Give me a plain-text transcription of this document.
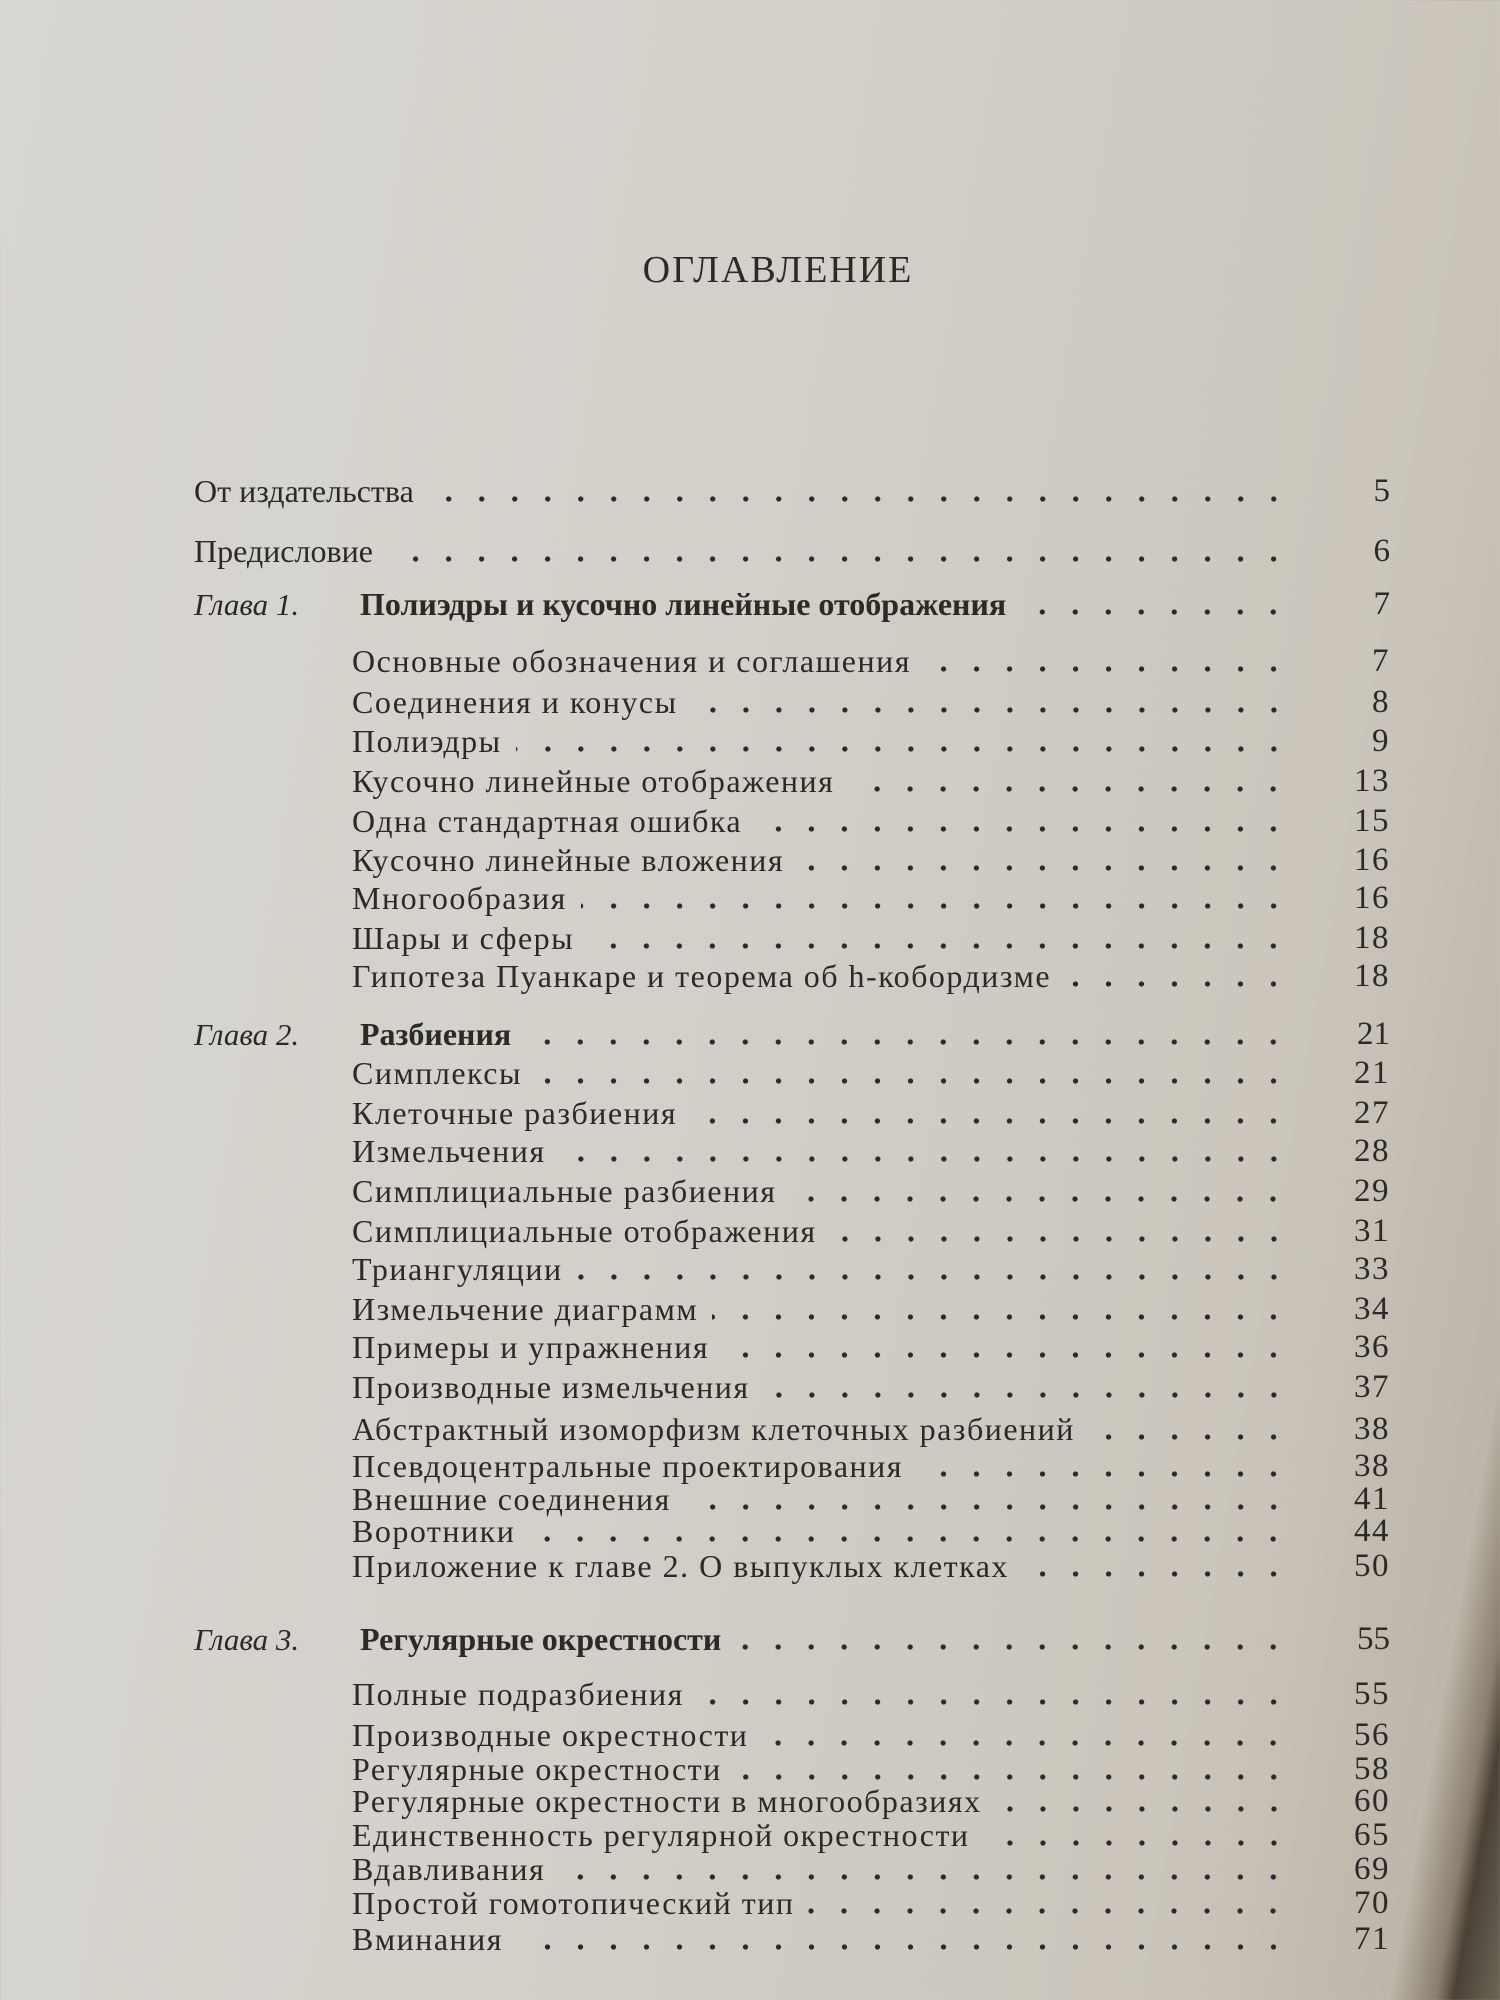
ОГЛАВЛЕНИЕ
От издательства	5
Предисловие	6
Глава 1.	Полиэдры и кусочно линейные отображения	7
Основные обозначения и соглашения	7
Соединения и конусы	8
Полиэдры	9
Кусочно линейные отображения	13
Одна стандартная ошибка	15
Кусочно линейные вложения	16
Многообразия	16
Шары и сферы	18
Гипотеза Пуанкаре и теорема об h-кобордизме	18
Глава 2.	Разбиения	21
Симплексы	21
Клеточные разбиения	27
Измельчения	28
Симплициальные разбиения	29
Симплициальные отображения	31
Триангуляции	33
Измельчение диаграмм	34
Примеры и упражнения	36
Производные измельчения	37
Абстрактный изоморфизм клеточных разбиений	38
Псевдоцентральные проектирования	38
Внешние соединения	41
Воротники	44
Приложение к главе 2. О выпуклых клетках	50
Глава 3.	Регулярные окрестности	55
Полные подразбиения	55
Производные окрестности	56
Регулярные окрестности	58
Регулярные окрестности в многообразиях	60
Единственность регулярной окрестности	65
Вдавливания	69
Простой гомотопический тип	70
Вминания	71
